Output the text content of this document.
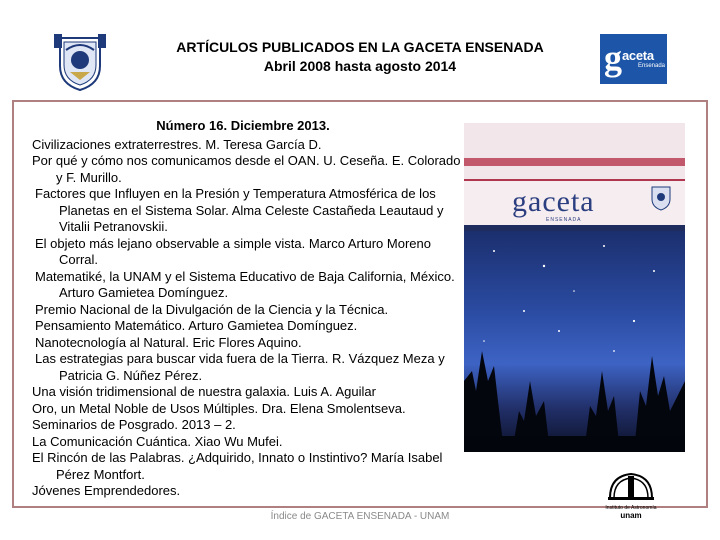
ARTÍCULOS PUBLICADOS EN LA GACETA ENSENADA
Abril 2008 hasta agosto 2014	g aceta
Ensenada
Número 16. Diciembre 2013.
Civilizaciones extraterrestres. M. Teresa García D.
Por qué y cómo nos comunicamos desde el OAN. U. Ceseña. E. Colorado y F. Murillo.
Factores que Influyen en la Presión y Temperatura Atmosférica de los Planetas en el Sistema Solar. Alma Celeste Castañeda Leautaud y Vitalii Petranovskii.
El objeto más lejano observable a simple vista. Marco Arturo Moreno Corral.
Matematiké, la UNAM y el Sistema Educativo de Baja California, México. Arturo Gamietea Domínguez.
Premio Nacional de la Divulgación de la Ciencia y la Técnica.
Pensamiento Matemático. Arturo Gamietea Domínguez.
Nanotecnología al Natural. Eric Flores Aquino.
Las estrategias para buscar vida fuera de la Tierra. R. Vázquez Meza y Patricia G. Núñez Pérez.
Una visión tridimensional de nuestra galaxia. Luis A. Aguilar
Oro, un Metal Noble de Usos Múltiples. Dra. Elena Smolentseva.
Seminarios de Posgrado. 2013 – 2.
La Comunicación Cuántica. Xiao Wu Mufei.
El Rincón de las Palabras. ¿Adquirido, Innato o Instintivo? María Isabel Pérez Montfort.
Jóvenes Emprendedores.
gaceta
ENSENADA
Instituto de Astronomía
unam
Índice de GACETA ENSENADA - UNAM
